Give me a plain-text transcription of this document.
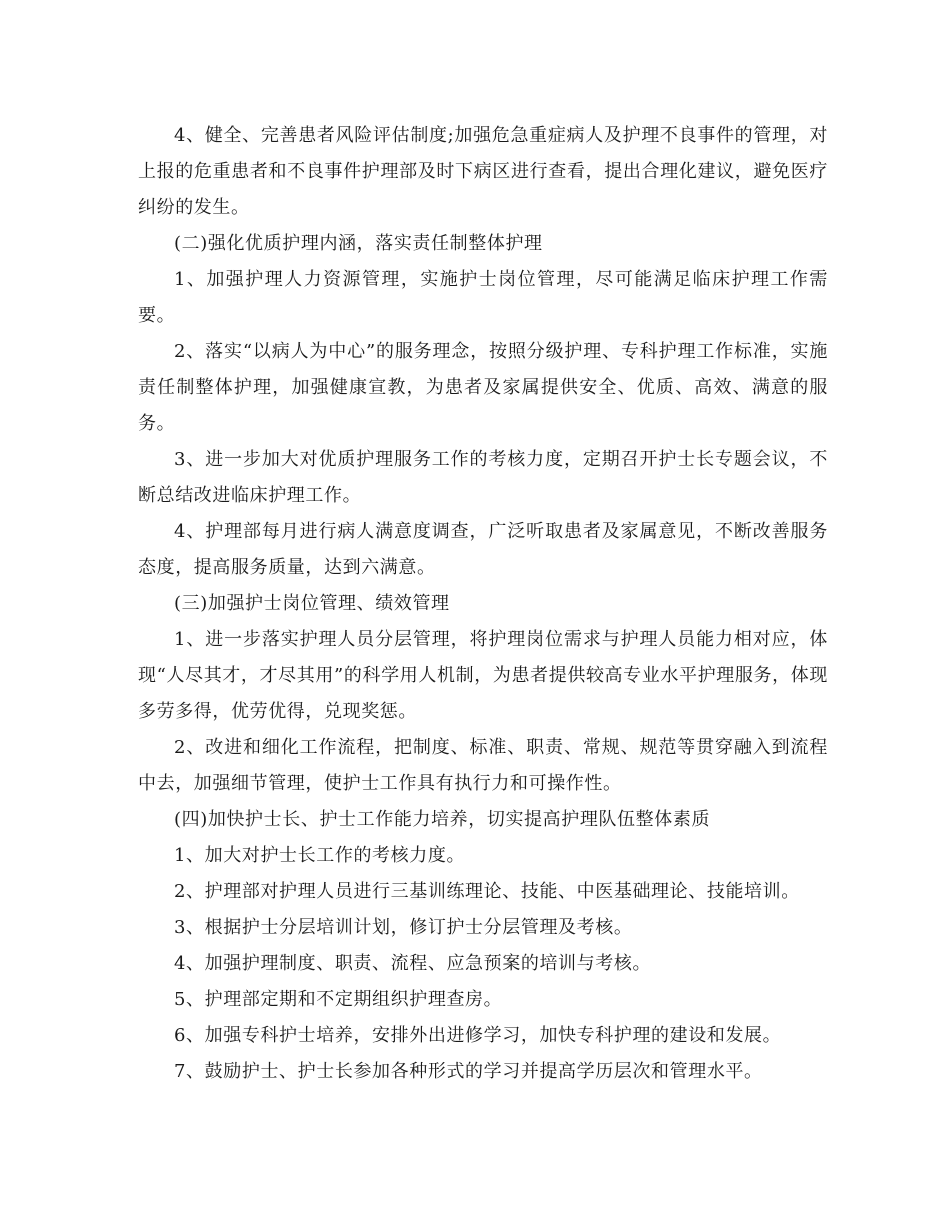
4、健全、完善患者风险评估制度;加强危急重症病人及护理不良事件的管理，对上报的危重患者和不良事件护理部及时下病区进行查看，提出合理化建议，避免医疗纠纷的发生。

(二)强化优质护理内涵，落实责任制整体护理

1、加强护理人力资源管理，实施护士岗位管理，尽可能满足临床护理工作需要。

2、落实“以病人为中心”的服务理念，按照分级护理、专科护理工作标准，实施责任制整体护理，加强健康宣教，为患者及家属提供安全、优质、高效、满意的服务。

3、进一步加大对优质护理服务工作的考核力度，定期召开护士长专题会议，不断总结改进临床护理工作。

4、护理部每月进行病人满意度调查，广泛听取患者及家属意见，不断改善服务态度，提高服务质量，达到六满意。

(三)加强护士岗位管理、绩效管理

1、进一步落实护理人员分层管理，将护理岗位需求与护理人员能力相对应，体现“人尽其才，才尽其用”的科学用人机制，为患者提供较高专业水平护理服务，体现多劳多得，优劳优得，兑现奖惩。

2、改进和细化工作流程，把制度、标准、职责、常规、规范等贯穿融入到流程中去，加强细节管理，使护士工作具有执行力和可操作性。

(四)加快护士长、护士工作能力培养，切实提高护理队伍整体素质

1、加大对护士长工作的考核力度。

2、护理部对护理人员进行三基训练理论、技能、中医基础理论、技能培训。

3、根据护士分层培训计划，修订护士分层管理及考核。

4、加强护理制度、职责、流程、应急预案的培训与考核。

5、护理部定期和不定期组织护理查房。

6、加强专科护士培养，安排外出进修学习，加快专科护理的建设和发展。

7、鼓励护士、护士长参加各种形式的学习并提高学历层次和管理水平。
